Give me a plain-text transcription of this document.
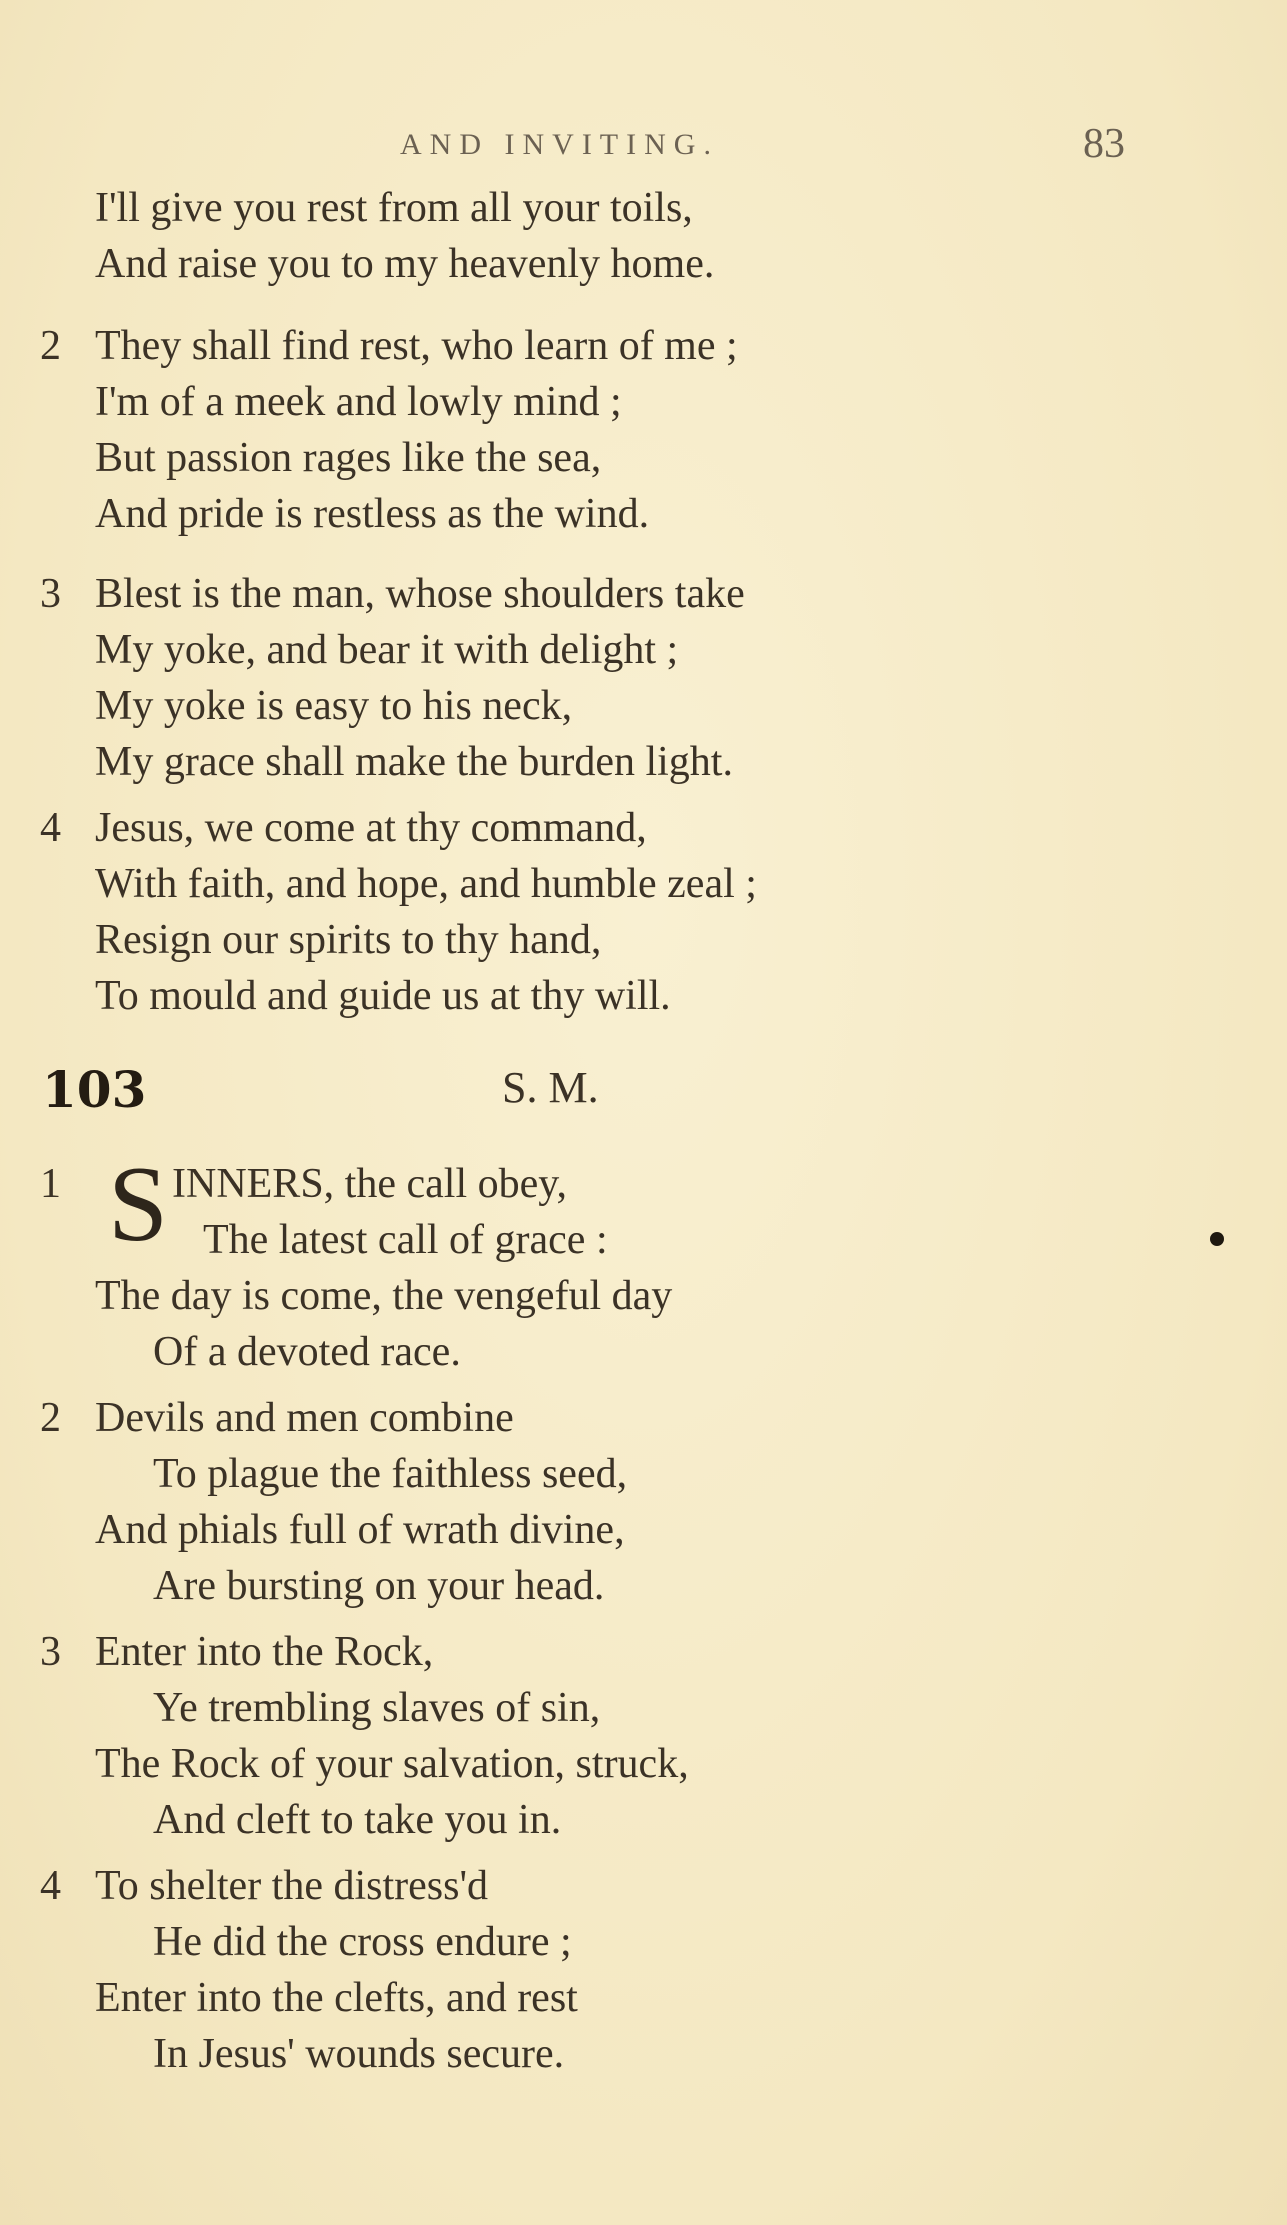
AND INVITING.	83
I'll give you rest from all your toils,
And raise you to my heavenly home.
2 They shall find rest, who learn of me ;
I'm of a meek and lowly mind ;
But passion rages like the sea,
And pride is restless as the wind.
3 Blest is the man, whose shoulders take
My yoke, and bear it with delight ;
My yoke is easy to his neck,
My grace shall make the burden light.
4 Jesus, we come at thy command,
With faith, and hope, and humble zeal ;
Resign our spirits to thy hand,
To mould and guide us at thy will.
103	S. M.
1 S INNERS, the call obey,
The latest call of grace :
The day is come, the vengeful day
Of a devoted race.
2 Devils and men combine
To plague the faithless seed,
And phials full of wrath divine,
Are bursting on your head.
3 Enter into the Rock,
Ye trembling slaves of sin,
The Rock of your salvation, struck,
And cleft to take you in.
4 To shelter the distress'd
He did the cross endure ;
Enter into the clefts, and rest
In Jesus' wounds secure.
